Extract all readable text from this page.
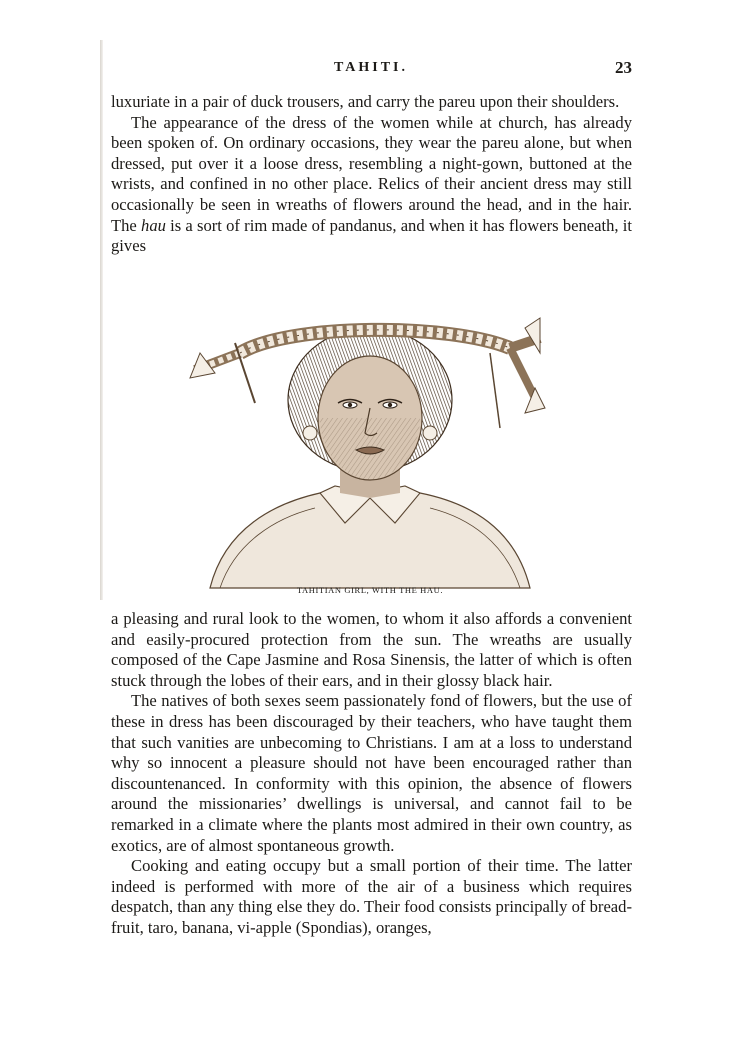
TAHITI.	23

luxuriate in a pair of duck trousers, and carry the pareu upon their shoulders.

The appearance of the dress of the women while at church, has already been spoken of. On ordinary occasions, they wear the pareu alone, but when dressed, put over it a loose dress, resembling a night-gown, buttoned at the wrists, and confined in no other place. Relics of their ancient dress may still occasionally be seen in wreaths of flowers around the head, and in the hair. The hau is a sort of rim made of pandanus, and when it has flowers beneath, it gives

TAHITIAN GIRL, WITH THE HAU.

a pleasing and rural look to the women, to whom it also affords a convenient and easily-procured protection from the sun. The wreaths are usually composed of the Cape Jasmine and Rosa Sinensis, the latter of which is often stuck through the lobes of their ears, and in their glossy black hair.

The natives of both sexes seem passionately fond of flowers, but the use of these in dress has been discouraged by their teachers, who have taught them that such vanities are unbecoming to Christians. I am at a loss to understand why so innocent a pleasure should not have been encouraged rather than discountenanced. In conformity with this opinion, the absence of flowers around the missionaries’ dwellings is universal, and cannot fail to be remarked in a climate where the plants most admired in their own country, as exotics, are of almost spontaneous growth.

Cooking and eating occupy but a small portion of their time. The latter indeed is performed with more of the air of a business which requires despatch, than any thing else they do. Their food consists principally of bread-fruit, taro, banana, vi-apple (Spondias), oranges,
